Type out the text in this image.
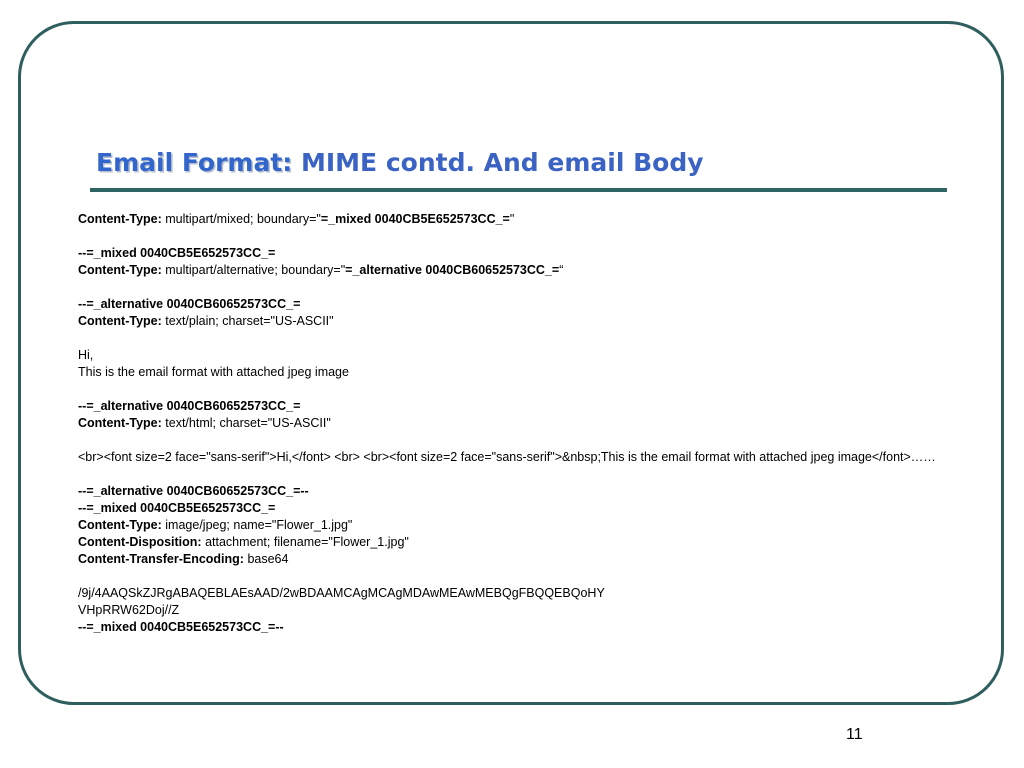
Email Format: MIME contd. And email Body
Content-Type: multipart/mixed; boundary="=_mixed 0040CB5E652573CC_="
--=_mixed 0040CB5E652573CC_=
Content-Type: multipart/alternative; boundary="=_alternative 0040CB60652573CC_=“
--=_alternative 0040CB60652573CC_=
Content-Type: text/plain; charset="US-ASCII"
Hi,
This is the email format with attached jpeg image
--=_alternative 0040CB60652573CC_=
Content-Type: text/html; charset="US-ASCII"
<br><font size=2 face="sans-serif">Hi,</font> <br> <br><font size=2 face="sans-serif">&nbsp;This is the email format with attached jpeg image</font>……
--=_alternative 0040CB60652573CC_=--
--=_mixed 0040CB5E652573CC_=
Content-Type: image/jpeg; name="Flower_1.jpg"
Content-Disposition: attachment; filename="Flower_1.jpg"
Content-Transfer-Encoding: base64
/9j/4AAQSkZJRgABAQEBLAEsAAD/2wBDAAMCAgMCAgMDAwMEAwMEBQgFBQQEBQoHY
VHpRRW62Doj//Z
--=_mixed 0040CB5E652573CC_=--
11
